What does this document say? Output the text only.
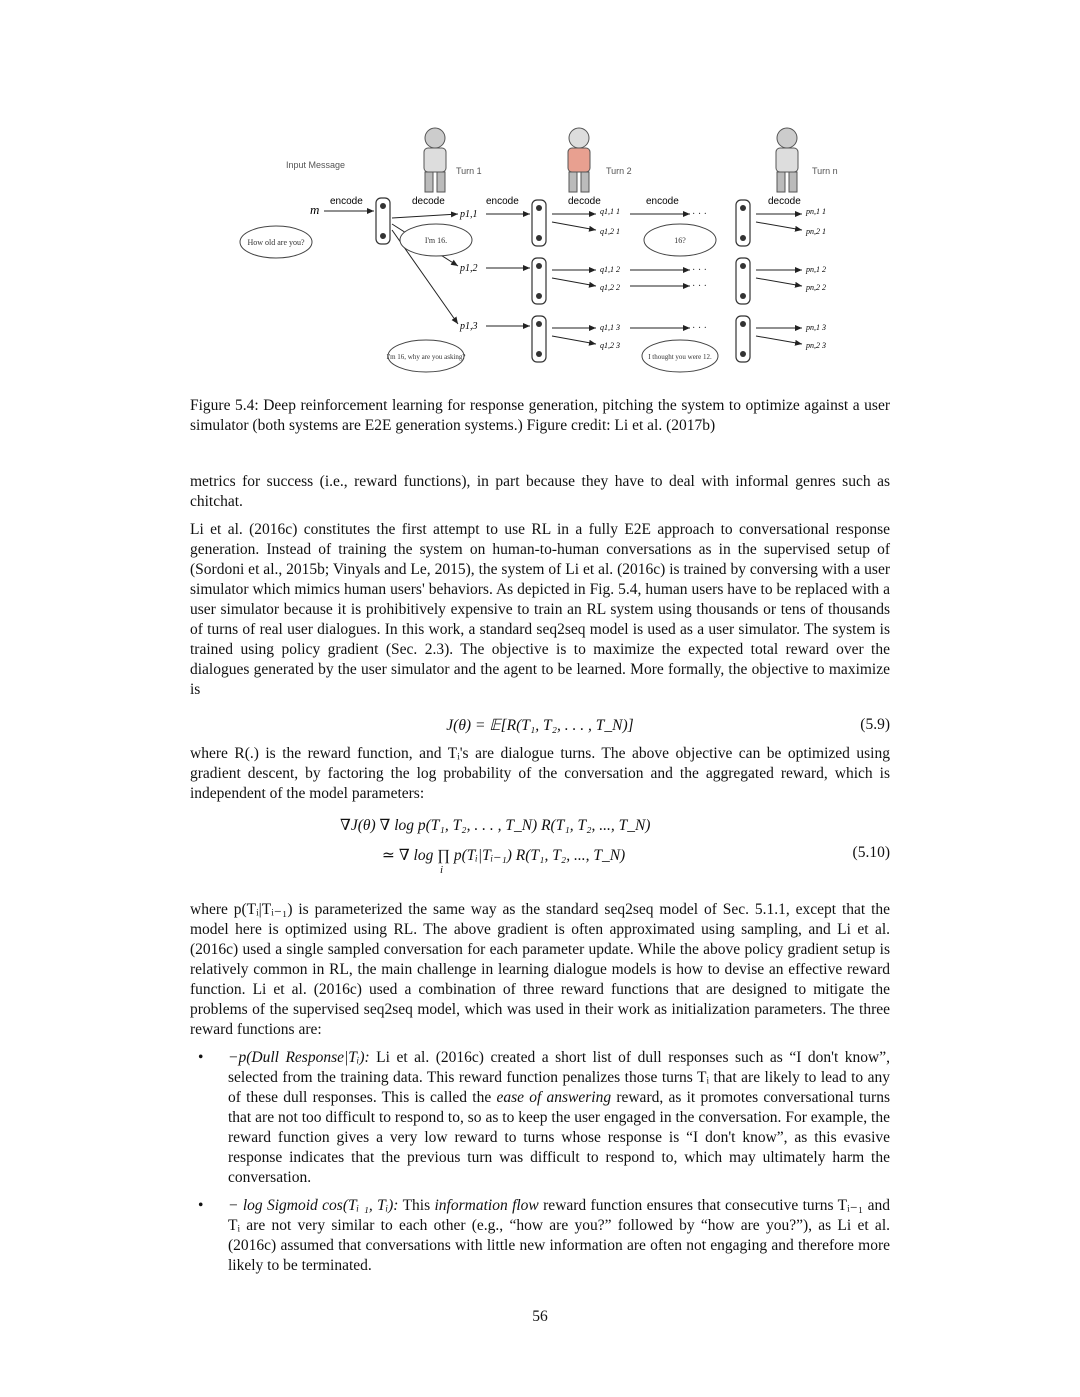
Input Message
Turn 1	Turn 2	Turn n
encode	decode	encode	decode	encode	decode
m	p1,1
p1,2
p1,3
q1,1 1
q1,2 1
q1,1 2
q1,2 2
q1,1 3
q1,2 3
pn,1 1
pn,2 1
pn,1 2
pn,2 2
pn,1 3
pn,2 3
· · ·
· · ·
· · ·
· · ·
How old are you?	I'm 16.	16?
I'm 16, why are you asking?	I thought you were 12.
Figure 5.4: Deep reinforcement learning for response generation, pitching the system to optimize against a user simulator (both systems are E2E generation systems.) Figure credit: Li et al. (2017b)
metrics for success (i.e., reward functions), in part because they have to deal with informal genres such as chitchat.
Li et al. (2016c) constitutes the first attempt to use RL in a fully E2E approach to conversational response generation. Instead of training the system on human-to-human conversations as in the supervised setup of (Sordoni et al., 2015b; Vinyals and Le, 2015), the system of Li et al. (2016c) is trained by conversing with a user simulator which mimics human users' behaviors. As depicted in Fig. 5.4, human users have to be replaced with a user simulator because it is prohibitively expensive to train an RL system using thousands or tens of thousands of turns of real user dialogues. In this work, a standard seq2seq model is used as a user simulator. The system is trained using policy gradient (Sec. 2.3). The objective is to maximize the expected total reward over the dialogues generated by the user simulator and the agent to be learned. More formally, the objective to maximize is
J(θ) = 𝔼[R(T₁, T₂, . . . , T_N)]	(5.9)
where R(.) is the reward function, and Tᵢ's are dialogue turns. The above objective can be optimized using gradient descent, by factoring the log probability of the conversation and the aggregated reward, which is independent of the model parameters:
∇J(θ) ∇ log p(T₁, T₂, . . . , T_N) R(T₁, T₂, ..., T_N)
≃ ∇ log ∏ p(Tᵢ|Tᵢ₋₁) R(T₁, T₂, ..., T_N)
i
(5.10)
where p(Tᵢ|Tᵢ₋₁) is parameterized the same way as the standard seq2seq model of Sec. 5.1.1, except that the model here is optimized using RL. The above gradient is often approximated using sampling, and Li et al. (2016c) used a single sampled conversation for each parameter update. While the above policy gradient setup is relatively common in RL, the main challenge in learning dialogue models is how to devise an effective reward function. Li et al. (2016c) used a combination of three reward functions that are designed to mitigate the problems of the supervised seq2seq model, which was used in their work as initialization parameters. The three reward functions are:
• −p(Dull Response|Tᵢ): Li et al. (2016c) created a short list of dull responses such as “I don't know”, selected from the training data. This reward function penalizes those turns Tᵢ that are likely to lead to any of these dull responses. This is called the ease of answering reward, as it promotes conversational turns that are not too difficult to respond to, so as to keep the user engaged in the conversation. For example, the reward function gives a very low reward to turns whose response is “I don't know”, as this evasive response indicates that the previous turn was difficult to respond to, which may ultimately harm the conversation.
• − log Sigmoid cos(Tᵢ ₁, Tᵢ): This information flow reward function ensures that consecutive turns Tᵢ₋₁ and Tᵢ are not very similar to each other (e.g., “how are you?” followed by “how are you?”), as Li et al. (2016c) assumed that conversations with little new information are often not engaging and therefore more likely to be terminated.
56
